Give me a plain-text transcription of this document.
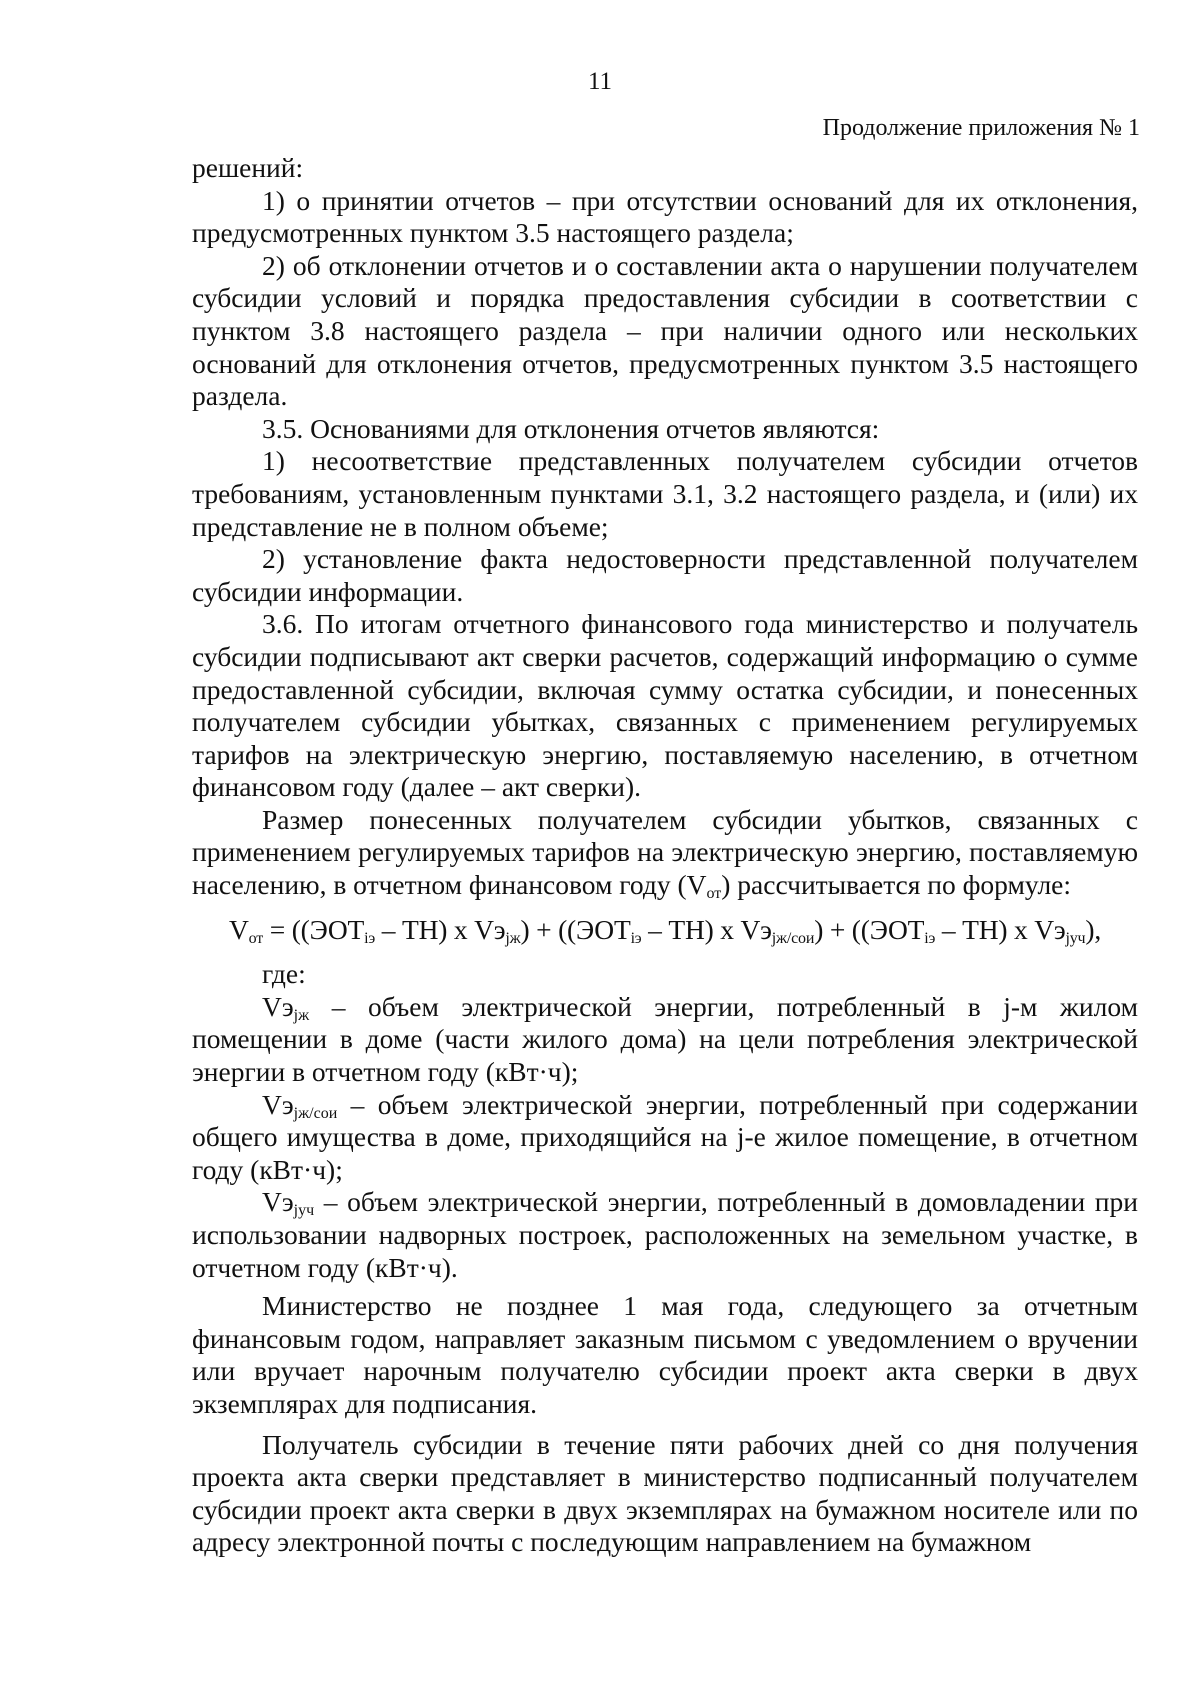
11
Продолжение приложения № 1

решений:

1) о принятии отчетов – при отсутствии оснований для их отклонения, предусмотренных пунктом 3.5 настоящего раздела;

2) об отклонении отчетов и о составлении акта о нарушении получателем субсидии условий и порядка предоставления субсидии в соответствии с пунктом 3.8 настоящего раздела – при наличии одного или нескольких оснований для отклонения отчетов, предусмотренных пунктом 3.5 настоящего раздела.

3.5. Основаниями для отклонения отчетов являются:

1) несоответствие представленных получателем субсидии отчетов требованиям, установленным пунктами 3.1, 3.2 настоящего раздела, и (или) их представление не в полном объеме;

2) установление факта недостоверности представленной получателем субсидии информации.

3.6. По итогам отчетного финансового года министерство и получатель субсидии подписывают акт сверки расчетов, содержащий информацию о сумме предоставленной субсидии, включая сумму остатка субсидии, и понесенных получателем субсидии убытках, связанных с применением регулируемых тарифов на электрическую энергию, поставляемую населению, в отчетном финансовом году (далее – акт сверки).

Размер понесенных получателем субсидии убытков, связанных с применением регулируемых тарифов на электрическую энергию, поставляемую населению, в отчетном финансовом году $(V_{от})$ рассчитывается по формуле:

$V_{от} = ((ЭОТ_{iэ} - ТН)$ х $Vэ_{jж}) + ((ЭОТ_{iэ} - ТН)$ х $Vэ_{jж/сои}) + ((ЭОТ_{iэ} - ТН)$ х $Vэ_{jуч}$),

где:

$Vэ_{jж}$ – объем электрической энергии, потребленный в j-м жилом помещении в доме (части жилого дома) на цели потребления электрической энергии в отчетном году (кВт·ч);

$Vэ_{jж/сои}$ – объем электрической энергии, потребленный при содержании общего имущества в доме, приходящийся на j-е жилое помещение, в отчетном году (кВт·ч);

$Vэ_{jуч}$ – объем электрической энергии, потребленный в домовладении при использовании надворных построек, расположенных на земельном участке, в отчетном году (кВт·ч).

Министерство не позднее 1 мая года, следующего за отчетным финансовым годом, направляет заказным письмом с уведомлением о вручении или вручает нарочным получателю субсидии проект акта сверки в двух экземплярах для подписания.

Получатель субсидии в течение пяти рабочих дней со дня получения проекта акта сверки представляет в министерство подписанный получателем субсидии проект акта сверки в двух экземплярах на бумажном носителе или по адресу электронной почты с последующим направлением на бумажном
